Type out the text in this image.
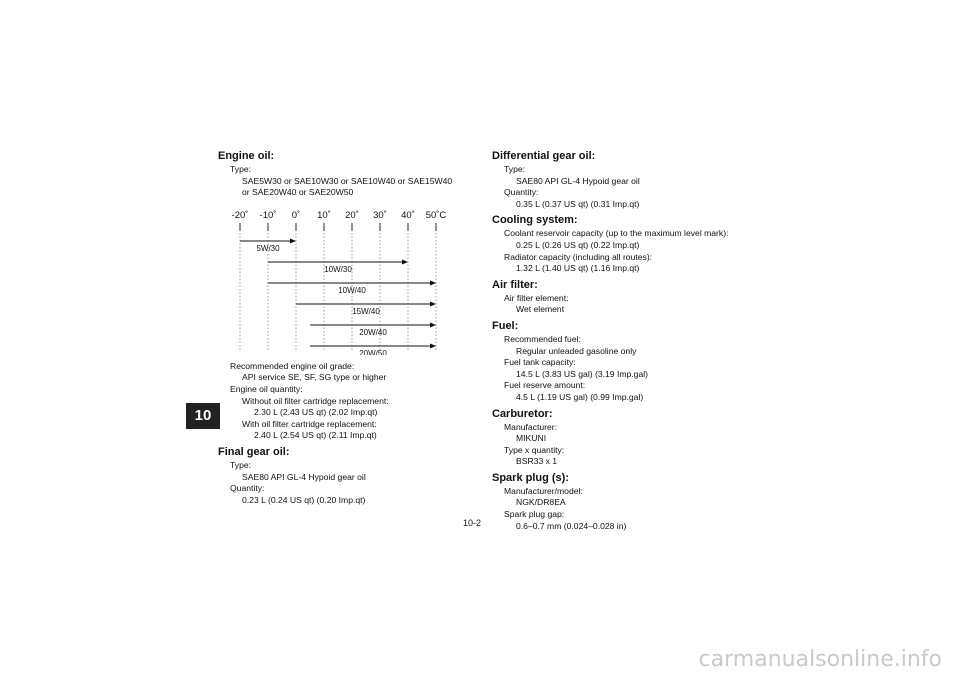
10
Engine oil:
Type:
SAE5W30 or SAE10W30 or SAE10W40 or SAE15W40
or SAE20W40 or SAE20W50
-20˚ -10˚ 0˚ 10˚ 20˚ 30˚ 40˚ 50˚C
5W/30
10W/30
10W/40
15W/40
20W/40
20W/50
Recommended engine oil grade:
API service SE, SF, SG type or higher
Engine oil quantity:
Without oil filter cartridge replacement:
2.30 L (2.43 US qt) (2.02 Imp.qt)
With oil filter cartridge replacement:
2.40 L (2.54 US qt) (2.11 Imp.qt)
Final gear oil:
Type:
SAE80 API GL-4 Hypoid gear oil
Quantity:
0.23 L (0.24 US qt) (0.20 Imp.qt)
Differential gear oil:
Type:
SAE80 API GL-4 Hypoid gear oil
Quantity:
0.35 L (0.37 US qt) (0.31 Imp.qt)
Cooling system:
Coolant reservoir capacity (up to the maximum level mark):
0.25 L (0.26 US qt) (0.22 Imp.qt)
Radiator capacity (including all routes):
1.32 L (1.40 US qt) (1.16 Imp.qt)
Air filter:
Air filter element:
Wet element
Fuel:
Recommended fuel:
Regular unleaded gasoline only
Fuel tank capacity:
14.5 L (3.83 US gal) (3.19 Imp.gal)
Fuel reserve amount:
4.5 L (1.19 US gal) (0.99 Imp.gal)
Carburetor:
Manufacturer:
MIKUNI
Type x quantity:
BSR33 x 1
Spark plug (s):
Manufacturer/model:
NGK/DR8EA
Spark plug gap:
0.6–0.7 mm (0.024–0.028 in)
10-2
carmanualsonline.info
